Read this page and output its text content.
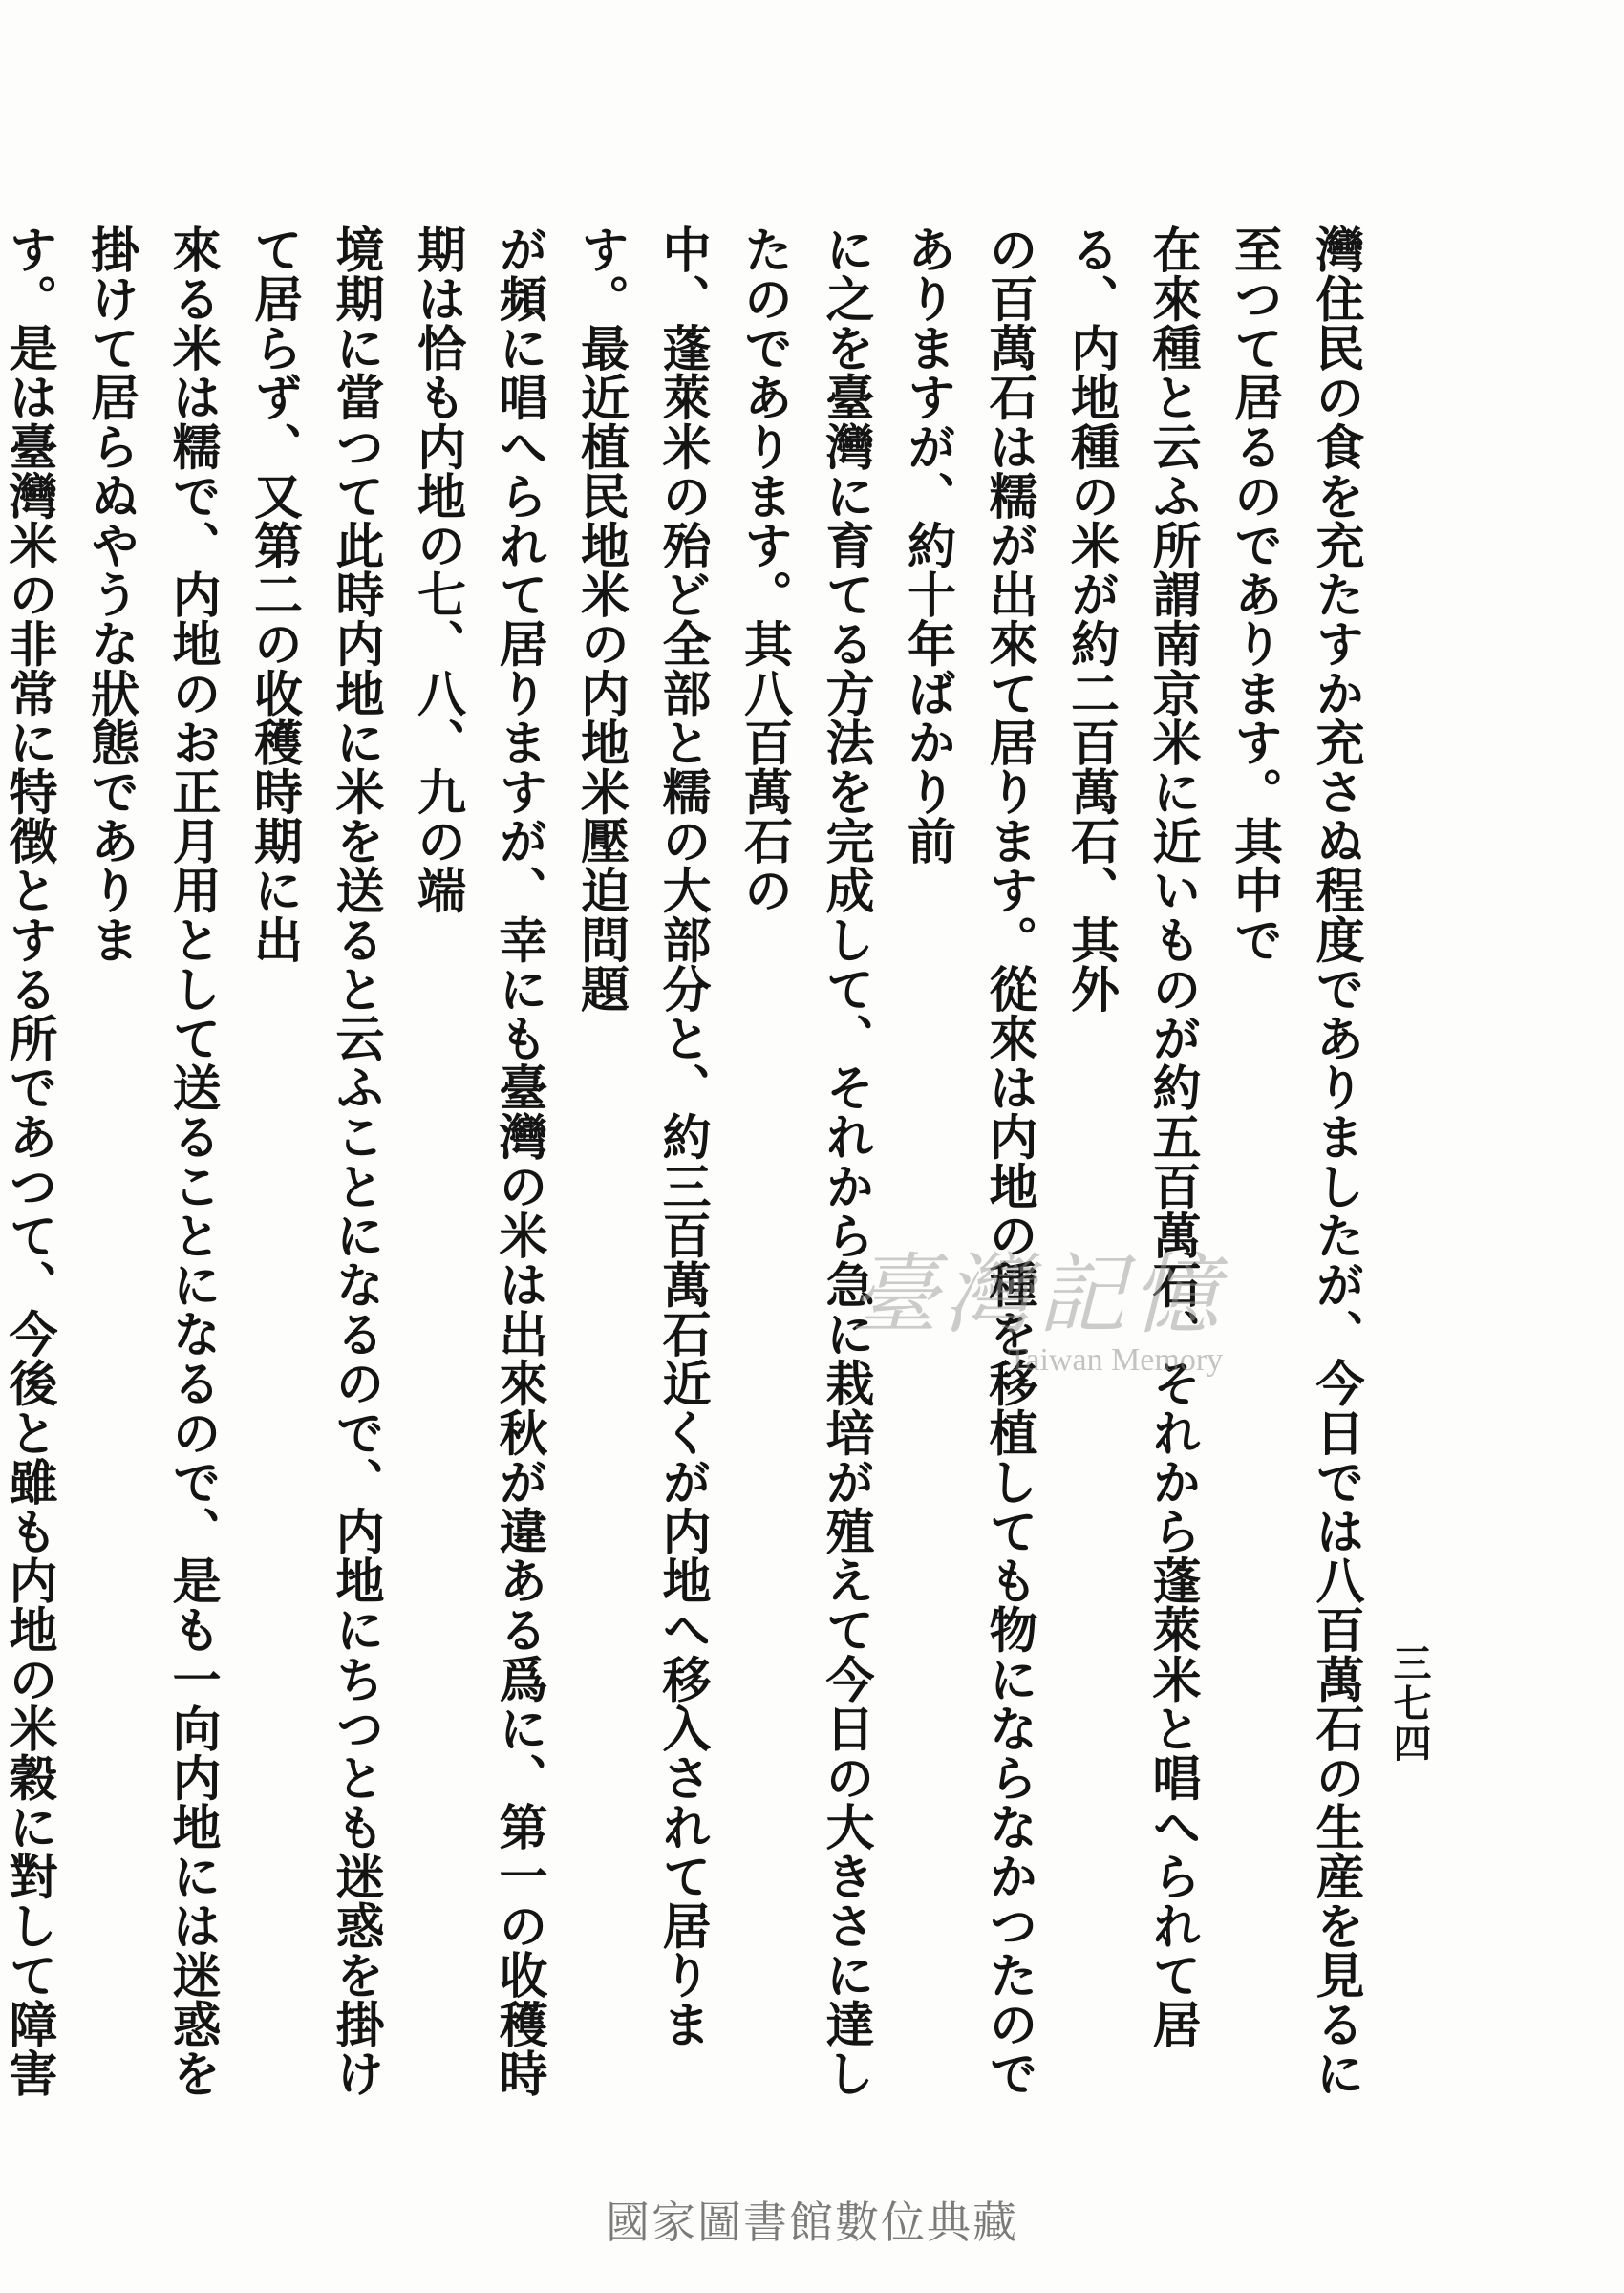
三七四

灣住民の食を充たすか充さぬ程度でありましたが、今日では八百萬石の生産を見るに至つて居るのであります。其中で
在來種と云ふ所謂南京米に近いものが約五百萬石、それから蓬萊米と唱へられて居る、内地種の米が約二百萬石、其外
の百萬石は糯が出來て居ります。從來は内地の種を移植しても物にならなかつたのでありますが、約十年ばかり前
に之を臺灣に育てる方法を完成して、それから急に栽培が殖えて今日の大きさに達したのであります。其八百萬石の
中、蓬萊米の殆ど全部と糯の大部分と、約三百萬石近くが内地へ移入されて居ります。最近植民地米の内地米壓迫問題
が頻に唱へられて居りますが、幸にも臺灣の米は出來秋が違ある爲に、第一の收穫時期は恰も内地の七、八、九の端
境期に當つて此時内地に米を送ると云ふことになるので、内地にちつとも迷惑を掛けて居らず、又第二の收穫時期に出
來る米は糯で、内地のお正月用として送ることになるので、是も一向内地には迷惑を掛けて居らぬやうな狀態でありま
す。是は臺灣米の非常に特徴とする所であつて、今後と雖も内地の米穀に對して障害

臺灣記憶
Taiwan Memory
國家圖書館數位典藏
